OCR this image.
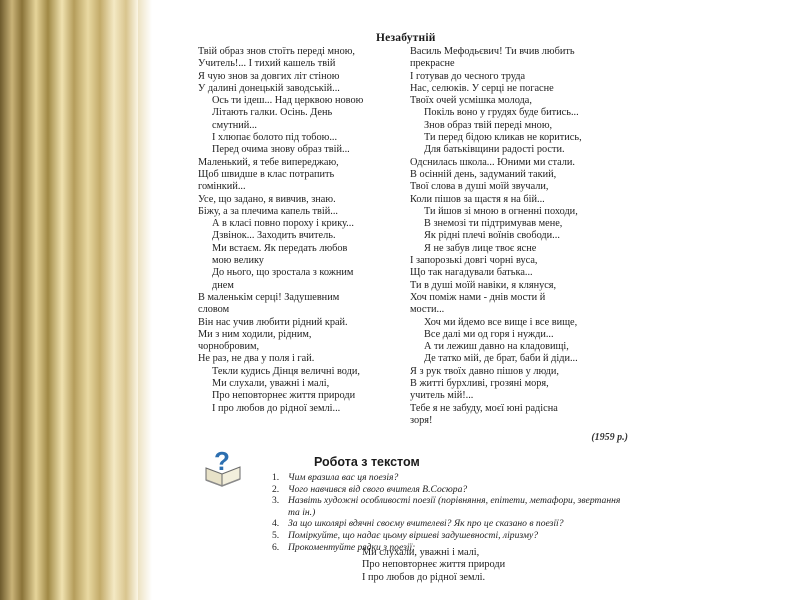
Незабутній
Твій образ знов стоїть переді мною,
Учитель!... І тихий кашель твій
Я чую знов за довгих літ стіною
У далині донецькій заводській...
Ось ти ідеш... Над церквою новою
Літають галки. Осінь. День
смутний...
І хлюпає болото під тобою...
Перед очима знову образ твій...
Маленький, я тебе випереджаю,
Щоб швидше в клас потрапить
гомінкий...
Усе, що задано, я вивчив, знаю.
Біжу, а за плечима капель твій...
А в класі повно пороху і крику...
Дзвінок... Заходить вчитель.
Ми встаєм. Як передать любов
мою велику
До нього, що зростала з кожним
днем
В маленькім серці! Задушевним
словом
Він нас учив любити рідний край.
Ми з ним ходили, рідним,
чорнобровим,
Не раз, не два у поля і гай.
Текли кудись Дінця величні води,
Ми слухали, уважні і малі,
Про неповторнеє життя природи
І про любов до рідної землі...
Василь Мефодьєвич! Ти вчив любить
прекрасне
І готував до чесного труда
Нас, селюків. У серці не погасне
Твоїх очей усмішка молода,
Покіль воно у грудях буде битись...
Знов образ твій переді мною,
Ти перед бідою кликав не коритись,
Для батьківщини радості рости.
Одснилась школа... Юними ми стали.
В осінній день, задуманий такий,
Твої слова в душі моїй звучали,
Коли пішов за щастя я на бій...
Ти йшов зі мною в огненні походи,
В знемозі ти підтримував мене,
Як рідні плечі воїнів свободи...
Я не забув лице твоє ясне
І запорозькі довгі чорні вуса,
Що так нагадували батька...
Ти в душі моїй навіки, я клянуся,
Хоч поміж нами - днів мости й
мости...
Хоч ми йдемо все вище і все вище,
Все далі ми од горя і нужди...
А ти лежиш давно на кладовищі,
Де татко мій, де брат, баби й діди...
Я з рук твоїх давно пішов у люди,
В житті бурхливі, грозяні моря,
учитель мій!...
Тебе я не забуду, моєї юні радісна
зоря!
(1959 р.)
?	Робота з текстом
1. Чим вразила вас ця поезія?
2. Чого навчився від свого вчителя В.Сосюра?
3. Назвіть художні особливості поезії (порівняння, епітети, метафори, звертання та ін.)
4. За що школярі вдячні своєму вчителеві? Як про це сказано в поезії?
5. Поміркуйте, що надає цьому віршеві задушевності, ліризму?
6. Прокоментуйте рядки з поезії:
Ми слухали, уважні і малі,
Про неповторнеє життя природи
І про любов до рідної землі.
